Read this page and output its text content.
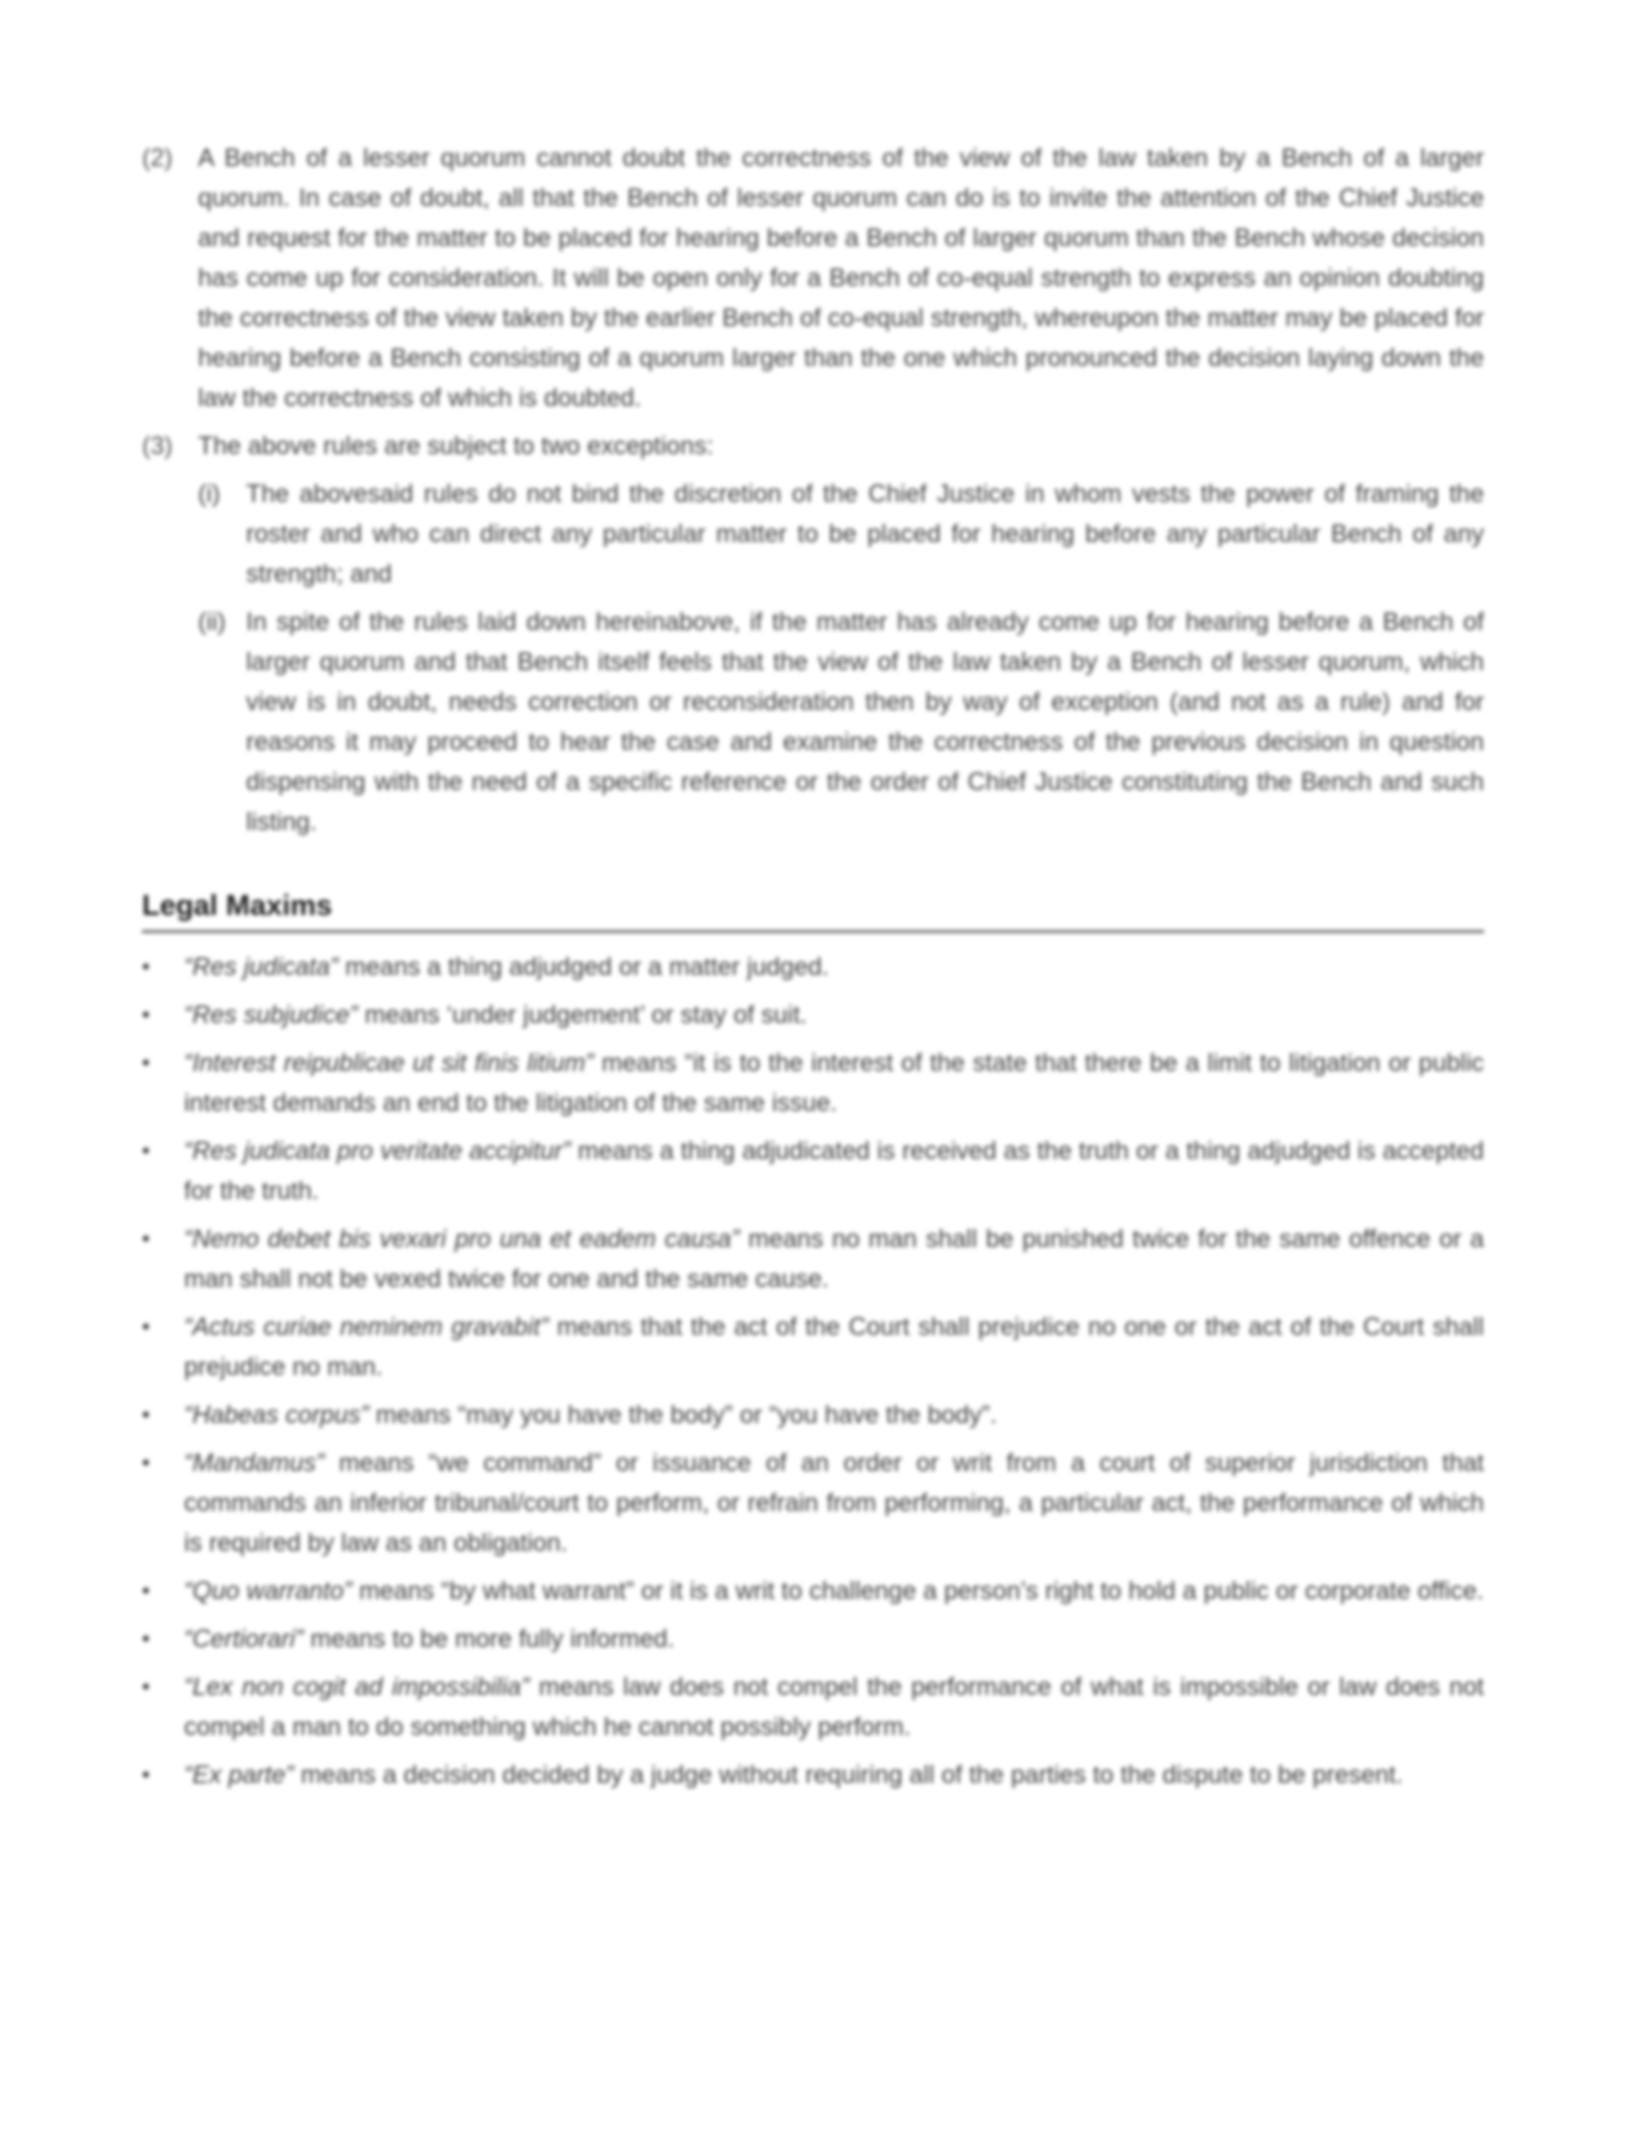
(2)	A Bench of a lesser quorum cannot doubt the correctness of the view of the law taken by a Bench of a larger quorum. In case of doubt, all that the Bench of lesser quorum can do is to invite the attention of the Chief Justice and request for the matter to be placed for hearing before a Bench of larger quorum than the Bench whose decision has come up for consideration. It will be open only for a Bench of co-equal strength to express an opinion doubting the correctness of the view taken by the earlier Bench of co-equal strength, whereupon the matter may be placed for hearing before a Bench consisting of a quorum larger than the one which pronounced the decision laying down the law the correctness of which is doubted.
(3)	The above rules are subject to two exceptions:
(i)	The abovesaid rules do not bind the discretion of the Chief Justice in whom vests the power of framing the roster and who can direct any particular matter to be placed for hearing before any particular Bench of any strength; and
(ii) In spite of the rules laid down hereinabove, if the matter has already come up for hearing before a Bench of larger quorum and that Bench itself feels that the view of the law taken by a Bench of lesser quorum, which view is in doubt, needs correction or reconsideration then by way of exception (and not as a rule) and for reasons it may proceed to hear the case and examine the correctness of the previous decision in question dispensing with the need of a specific reference or the order of Chief Justice constituting the Bench and such listing.
Legal Maxims
•	“Res judicata” means a thing adjudged or a matter judged.
•	“Res subjudice” means ‘under judgement’ or stay of suit.
•	“Interest reipublicae ut sit finis litium” means “it is to the interest of the state that there be a limit to litigation or public interest demands an end to the litigation of the same issue.
•	“Res judicata pro veritate accipitur” means a thing adjudicated is received as the truth or a thing adjudged is accepted for the truth.
•	“Nemo debet bis vexari pro una et eadem causa” means no man shall be punished twice for the same offence or a man shall not be vexed twice for one and the same cause.
•	“Actus curiae neminem gravabit” means that the act of the Court shall prejudice no one or the act of the Court shall prejudice no man.
•	“Habeas corpus” means “may you have the body” or “you have the body”.
•	“Mandamus” means “we command” or issuance of an order or writ from a court of superior jurisdiction that commands an inferior tribunal/court to perform, or refrain from performing, a particular act, the performance of which is required by law as an obligation.
•	“Quo warranto” means “by what warrant” or it is a writ to challenge a person’s right to hold a public or corporate office.
•	“Certiorari” means to be more fully informed.
•	“Lex non cogit ad impossibilia” means law does not compel the performance of what is impossible or law does not compel a man to do something which he cannot possibly perform.
•	“Ex parte” means a decision decided by a judge without requiring all of the parties to the dispute to be present.
